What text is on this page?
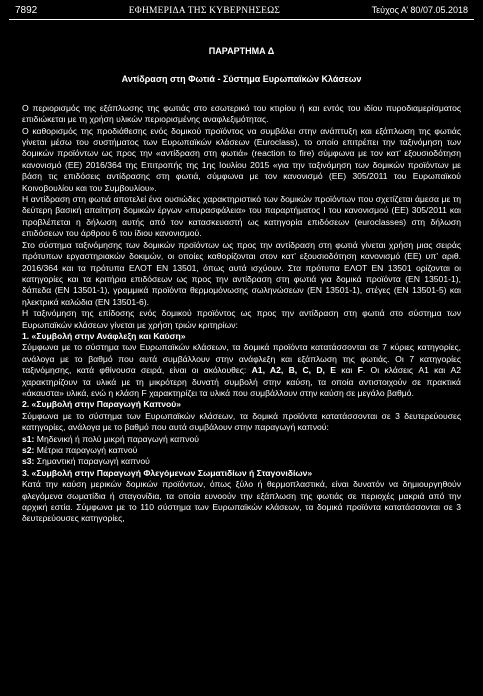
7892	ΕΦΗΜΕΡΙΔΑ ΤΗΣ ΚΥΒΕΡΝΗΣΕΩΣ	Τεύχος Α’ 80/07.05.2018
ΠΑΡΑΡΤΗΜΑ Δ
Αντίδραση στη Φωτιά - Σύστημα Ευρωπαϊκών Κλάσεων

Ο περιορισμός της εξάπλωσης της φωτιάς στο εσωτερικό του κτιρίου ή και εντός του ιδίου πυροδιαμερίσματος επιδιώκεται με τη χρήση υλικών περιορισμένης αναφλεξιμότητας.

Ο καθορισμός της προδιάθεσης ενός δομικού προϊόντος να συμβάλει στην ανάπτυξη και εξάπλωση της φωτιάς γίνεται μέσω του συστήματος των Ευρωπαϊκών κλάσεων (Euroclass), το οποίο επιτρέπει την ταξινόμηση των δομικών προϊόντων ως προς την «αντίδραση στη φωτιά» (reaction to fire) σύμφωνα με τον κατ’ εξουσιοδότηση κανονισμό (ΕΕ) 2016/364 της Επιτροπής της 1ης Ιουλίου 2015 «για την ταξινόμηση των δομικών προϊόντων με βάση τις επιδόσεις αντίδρασης στη φωτιά, σύμφωνα με τον κανονισμό (ΕΕ) 305/2011 του Ευρωπαϊκού Κοινοβουλίου και του Συμβουλίου».

Η αντίδραση στη φωτιά αποτελεί ένα ουσιώδες χαρακτηριστικό των δομικών προϊόντων που σχετίζεται άμεσα με τη δεύτερη βασική απαίτηση δομικών έργων «πυρασφάλεια» του παραρτήματος Ι του κανονισμού (ΕΕ) 305/2011 και προβλέπεται η δήλωση αυτής από τον κατασκευαστή ως κατηγορία επιδόσεων (euroclasses) στη δήλωση επιδόσεων του άρθρου 6 του ίδιου κανονισμού.

Στο σύστημα ταξινόμησης των δομικών προϊόντων ως προς την αντίδραση στη φωτιά γίνεται χρήση μιας σειράς πρότυπων εργαστηριακών δοκιμών, οι οποίες καθορίζονται στον κατ’ εξουσιοδότηση κανονισμό (ΕΕ) υπ’ αριθ. 2016/364 και τα πρότυπα ΕΛΟΤ ΕΝ 13501, όπως αυτά ισχύουν. Στα πρότυπα ΕΛΟΤ ΕΝ 13501 ορίζονται οι κατηγορίες και τα κριτήρια επιδόσεων ως προς την αντίδραση στη φωτιά για δομικά προϊόντα (EN 13501-1), δάπεδα (EN 13501-1), γραμμικά προϊόντα θερμομόνωσης σωληνώσεων (EN 13501-1), στέγες (EN 13501-5) και ηλεκτρικά καλώδια (EN 13501-6).

Η ταξινόμηση της επίδοσης ενός δομικού προϊόντος ως προς την αντίδραση στη φωτιά στο σύστημα των Ευρωπαϊκών κλάσεων γίνεται με χρήση τριών κριτηρίων:

1. «Συμβολή στην Ανάφλεξη και Καύση»

Σύμφωνα με το σύστημα των Ευρωπαϊκών κλάσεων, τα δομικά προϊόντα κατατάσσονται σε 7 κύριες κατηγορίες, ανάλογα με το βαθμό που αυτά συμβάλλουν στην ανάφλεξη και εξάπλωση της φωτιάς. Οι 7 κατηγορίες ταξινόμησης, κατά φθίνουσα σειρά, είναι οι ακόλουθες: A1, A2, B, C, D, E και F. Οι κλάσεις A1 και A2 χαρακτηρίζουν τα υλικά με τη μικρότερη δυνατή συμβολή στην καύση, τα οποία αντιστοιχούν σε πρακτικά «άκαυστα» υλικά, ενώ η κλάση F χαρακτηρίζει τα υλικά που συμβάλλουν στην καύση σε μεγάλο βαθμό.

2. «Συμβολή στην Παραγωγή Καπνού»

Σύμφωνα με το σύστημα των Ευρωπαϊκών κλάσεων, τα δομικά προϊόντα κατατάσσονται σε 3 δευτερεύουσες κατηγορίες, ανάλογα με το βαθμό που αυτά συμβάλουν στην παραγωγή καπνού:

s1: Μηδενική ή πολύ μικρή παραγωγή καπνού

s2: Μέτρια παραγωγή καπνού

s3: Σημαντική παραγωγή καπνού

3. «Συμβολή στην Παραγωγή Φλεγόμενων Σωματιδίων ή Σταγονιδίων»

Κατά την καύση μερικών δομικών προϊόντων, όπως ξύλο ή θερμοπλαστικά, είναι δυνατόν να δημιουργηθούν φλεγόμενα σωματίδια ή σταγονίδια, τα οποία ευνοούν την εξάπλωση της φωτιάς σε περιοχές μακριά από την αρχική εστία. Σύμφωνα με το 110 σύστημα των Ευρωπαϊκών κλάσεων, τα δομικά προϊόντα κατατάσσονται σε 3 δευτερεύουσες κατηγορίες,
